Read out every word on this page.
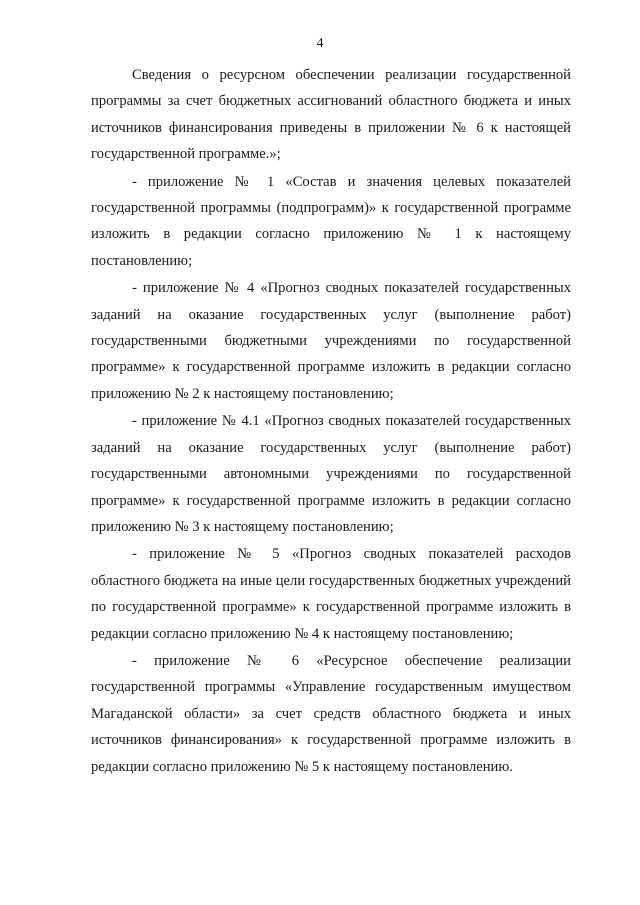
4

Сведения о ресурсном обеспечении реализации государственной программы за счет бюджетных ассигнований областного бюджета и иных источников финансирования приведены в приложении № 6 к настоящей государственной программе.»;

- приложение № 1 «Состав и значения целевых показателей государственной программы (подпрограмм)» к государственной программе изложить в редакции согласно приложению № 1 к настоящему постановлению;

- приложение № 4 «Прогноз сводных показателей государственных заданий на оказание государственных услуг (выполнение работ) государственными бюджетными учреждениями по государственной программе» к государственной программе изложить в редакции согласно приложению № 2 к настоящему постановлению;

- приложение № 4.1 «Прогноз сводных показателей государственных заданий на оказание государственных услуг (выполнение работ) государственными автономными учреждениями по государственной программе» к государственной программе изложить в редакции согласно приложению № 3 к настоящему постановлению;

- приложение № 5 «Прогноз сводных показателей расходов областного бюджета на иные цели государственных бюджетных учреждений по государственной программе» к государственной программе изложить в редакции согласно приложению № 4 к настоящему постановлению;

- приложение № 6 «Ресурсное обеспечение реализации государственной программы «Управление государственным имуществом Магаданской области» за счет средств областного бюджета и иных источников финансирования» к государственной программе изложить в редакции согласно приложению № 5 к настоящему постановлению.
